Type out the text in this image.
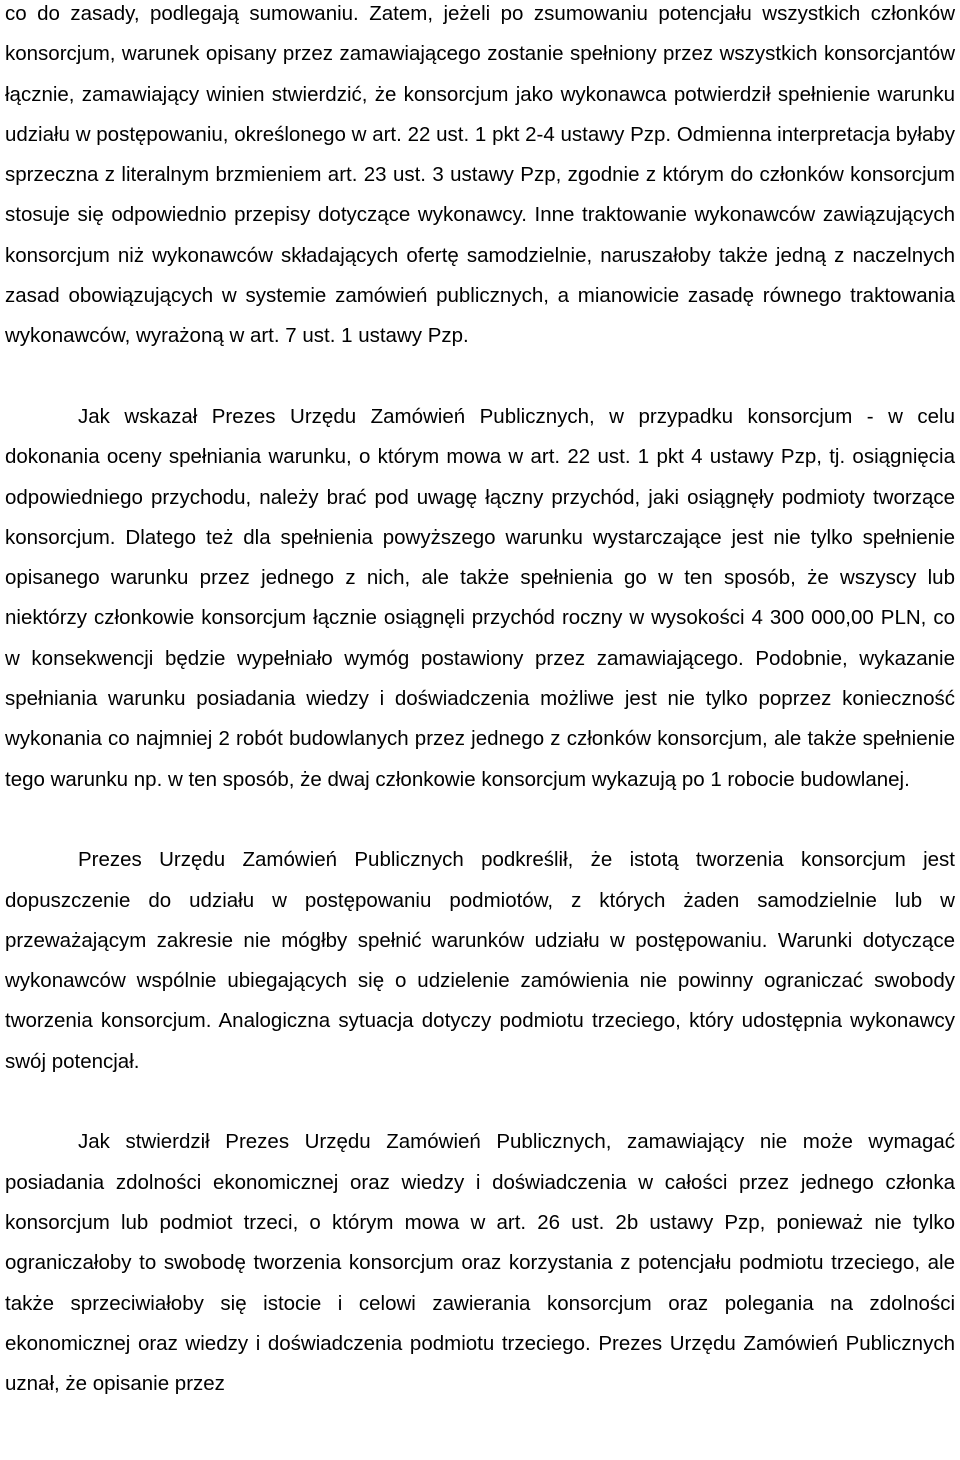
co do zasady, podlegają sumowaniu. Zatem, jeżeli po zsumowaniu potencjału wszystkich członków konsorcjum, warunek opisany przez zamawiającego zostanie spełniony przez wszystkich konsorcjantów łącznie, zamawiający winien stwierdzić, że konsorcjum jako wykonawca potwierdził spełnienie warunku udziału w postępowaniu, określonego w art. 22 ust. 1 pkt 2-4 ustawy Pzp. Odmienna interpretacja byłaby sprzeczna z literalnym brzmieniem art. 23 ust. 3 ustawy Pzp, zgodnie z którym do członków konsorcjum stosuje się odpowiednio przepisy dotyczące wykonawcy. Inne traktowanie wykonawców zawiązujących konsorcjum niż wykonawców składających ofertę samodzielnie, naruszałoby także jedną z naczelnych zasad obowiązujących w systemie zamówień publicznych, a mianowicie zasadę równego traktowania wykonawców, wyrażoną w art. 7 ust. 1 ustawy Pzp.

Jak wskazał Prezes Urzędu Zamówień Publicznych, w przypadku konsorcjum - w celu dokonania oceny spełniania warunku, o którym mowa w art. 22 ust. 1 pkt 4 ustawy Pzp, tj. osiągnięcia odpowiedniego przychodu, należy brać pod uwagę łączny przychód, jaki osiągnęły podmioty tworzące konsorcjum. Dlatego też dla spełnienia powyższego warunku wystarczające jest nie tylko spełnienie opisanego warunku przez jednego z nich, ale także spełnienia go w ten sposób, że wszyscy lub niektórzy członkowie konsorcjum łącznie osiągnęli przychód roczny w wysokości 4 300 000,00 PLN, co w konsekwencji będzie wypełniało wymóg postawiony przez zamawiającego. Podobnie, wykazanie spełniania warunku posiadania wiedzy i doświadczenia możliwe jest nie tylko poprzez konieczność wykonania co najmniej 2 robót budowlanych przez jednego z członków konsorcjum, ale także spełnienie tego warunku np. w ten sposób, że dwaj członkowie konsorcjum wykazują po 1 robocie budowlanej.

Prezes Urzędu Zamówień Publicznych podkreślił, że istotą tworzenia konsorcjum jest dopuszczenie do udziału w postępowaniu podmiotów, z których żaden samodzielnie lub w przeważającym zakresie nie mógłby spełnić warunków udziału w postępowaniu. Warunki dotyczące wykonawców wspólnie ubiegających się o udzielenie zamówienia nie powinny ograniczać swobody tworzenia konsorcjum. Analogiczna sytuacja dotyczy podmiotu trzeciego, który udostępnia wykonawcy swój potencjał.

Jak stwierdził Prezes Urzędu Zamówień Publicznych, zamawiający nie może wymagać posiadania zdolności ekonomicznej oraz wiedzy i doświadczenia w całości przez jednego członka konsorcjum lub podmiot trzeci, o którym mowa w art. 26 ust. 2b ustawy Pzp, ponieważ nie tylko ograniczałoby to swobodę tworzenia konsorcjum oraz korzystania z potencjału podmiotu trzeciego, ale także sprzeciwiałoby się istocie i celowi zawierania konsorcjum oraz polegania na zdolności ekonomicznej oraz wiedzy i doświadczenia podmiotu trzeciego. Prezes Urzędu Zamówień Publicznych uznał, że opisanie przez
